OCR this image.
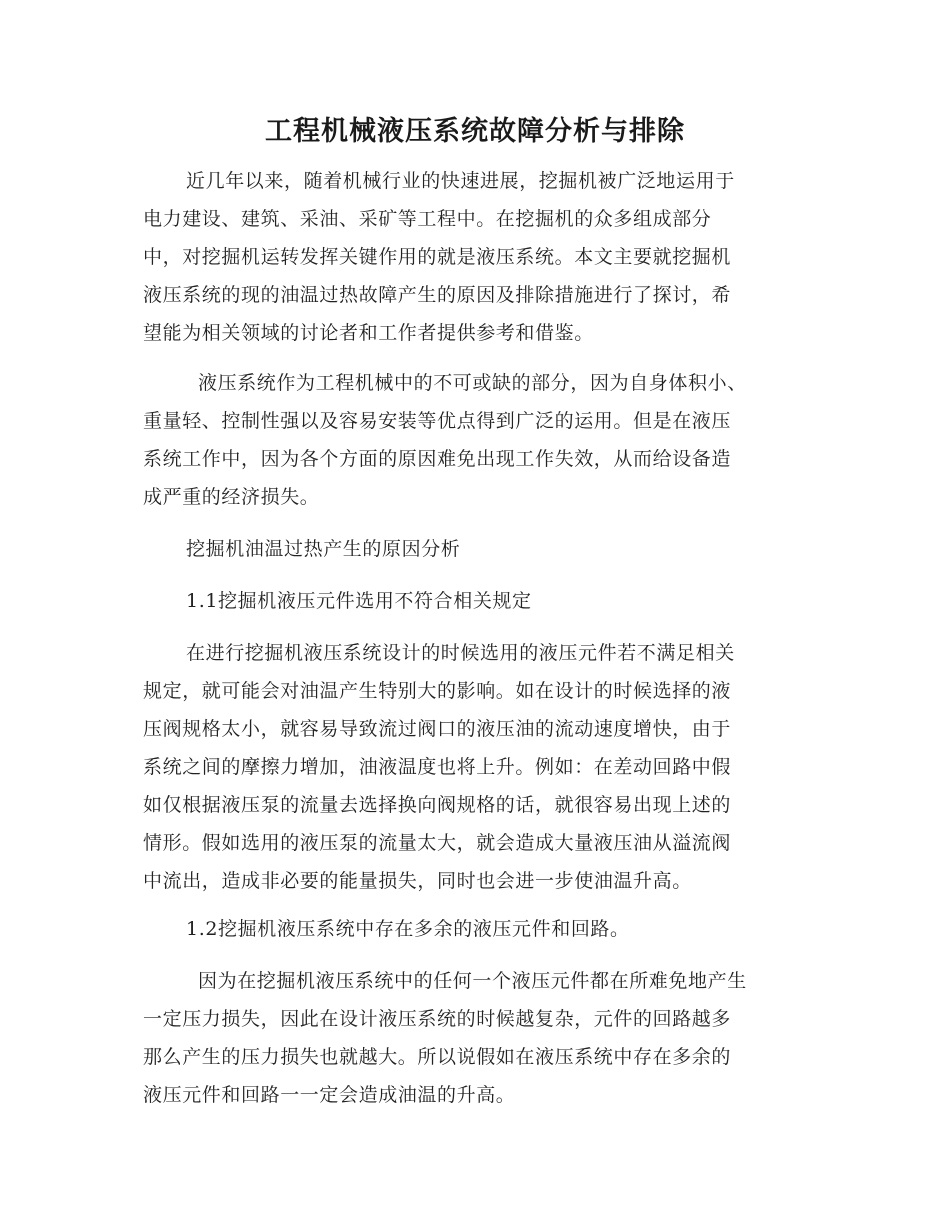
工程机械液压系统故障分析与排除
近几年以来，随着机械行业的快速进展，挖掘机被广泛地运用于
电力建设、建筑、采油、采矿等工程中。在挖掘机的众多组成部分
中，对挖掘机运转发挥关键作用的就是液压系统。本文主要就挖掘机
液压系统的现的油温过热故障产生的原因及排除措施进行了探讨，希
望能为相关领域的讨论者和工作者提供参考和借鉴。
液压系统作为工程机械中的不可或缺的部分，因为自身体积小、
重量轻、控制性强以及容易安装等优点得到广泛的运用。但是在液压
系统工作中，因为各个方面的原因难免出现工作失效，从而给设备造
成严重的经济损失。
挖掘机油温过热产生的原因分析
1.1挖掘机液压元件选用不符合相关规定
在进行挖掘机液压系统设计的时候选用的液压元件若不满足相关
规定，就可能会对油温产生特别大的影响。如在设计的时候选择的液
压阀规格太小，就容易导致流过阀口的液压油的流动速度增快，由于
系统之间的摩擦力增加，油液温度也将上升。例如：在差动回路中假
如仅根据液压泵的流量去选择换向阀规格的话，就很容易出现上述的
情形。假如选用的液压泵的流量太大，就会造成大量液压油从溢流阀
中流出，造成非必要的能量损失，同时也会进一步使油温升高。
1.2挖掘机液压系统中存在多余的液压元件和回路。
因为在挖掘机液压系统中的任何一个液压元件都在所难免地产生
一定压力损失，因此在设计液压系统的时候越复杂，元件的回路越多
那么产生的压力损失也就越大。所以说假如在液压系统中存在多余的
液压元件和回路一一定会造成油温的升高。
